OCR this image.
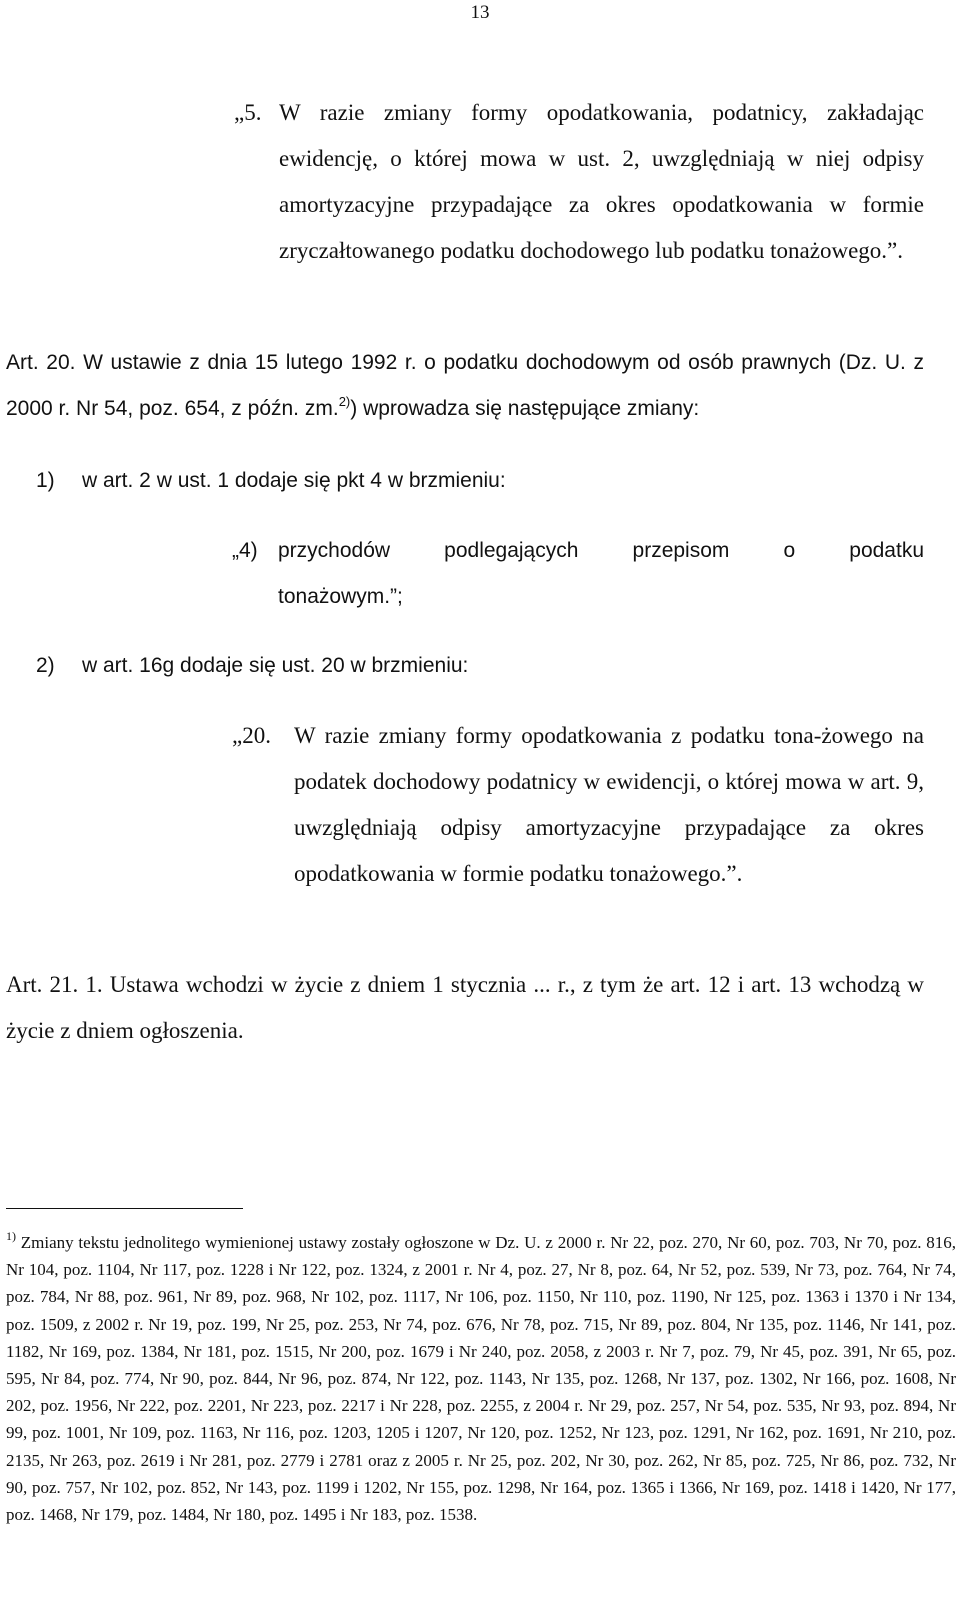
13
„5. W razie zmiany formy opodatkowania, podatnicy, zakładając ewidencję, o której mowa w ust. 2, uwzględniają w niej odpisy amortyzacyjne przypadające za okres opodatkowania w formie zryczałtowanego podatku dochodowego lub podatku tonażowego.”.
Art. 20. W ustawie z dnia 15 lutego 1992 r. o podatku dochodowym od osób prawnych (Dz. U. z 2000 r. Nr 54, poz. 654, z późn. zm.$^{2)}$) wprowadza się następujące zmiany:
1) w art. 2 w ust. 1 dodaje się pkt 4 w brzmieniu:
„4) przychodów podlegających przepisom o podatku
tonażowym.”;
2) w art. 16g dodaje się ust. 20 w brzmieniu:
„20. W razie zmiany formy opodatkowania z podatku tona-żowego na podatek dochodowy podatnicy w ewidencji, o której mowa w art. 9, uwzględniają odpisy amortyzacyjne przypadające za okres opodatkowania w formie podatku tonażowego.”.
Art. 21. 1. Ustawa wchodzi w życie z dniem 1 stycznia ... r., z tym że art. 12 i art. 13 wchodzą w życie z dniem ogłoszenia.
$^{1)}$ Zmiany tekstu jednolitego wymienionej ustawy zostały ogłoszone w Dz. U. z 2000 r. Nr 22, poz. 270, Nr 60, poz. 703, Nr 70, poz. 816, Nr 104, poz. 1104, Nr 117, poz. 1228 i Nr 122, poz. 1324, z 2001 r. Nr 4, poz. 27, Nr 8, poz. 64, Nr 52, poz. 539, Nr 73, poz. 764, Nr 74, poz. 784, Nr 88, poz. 961, Nr 89, poz. 968, Nr 102, poz. 1117, Nr 106, poz. 1150, Nr 110, poz. 1190, Nr 125, poz. 1363 i 1370 i Nr 134, poz. 1509, z 2002 r. Nr 19, poz. 199, Nr 25, poz. 253, Nr 74, poz. 676, Nr 78, poz. 715, Nr 89, poz. 804, Nr 135, poz. 1146, Nr 141, poz. 1182, Nr 169, poz. 1384, Nr 181, poz. 1515, Nr 200, poz. 1679 i Nr 240, poz. 2058, z 2003 r. Nr 7, poz. 79, Nr 45, poz. 391, Nr 65, poz. 595, Nr 84, poz. 774, Nr 90, poz. 844, Nr 96, poz. 874, Nr 122, poz. 1143, Nr 135, poz. 1268, Nr 137, poz. 1302, Nr 166, poz. 1608, Nr 202, poz. 1956, Nr 222, poz. 2201, Nr 223, poz. 2217 i Nr 228, poz. 2255, z 2004 r. Nr 29, poz. 257, Nr 54, poz. 535, Nr 93, poz. 894, Nr 99, poz. 1001, Nr 109, poz. 1163, Nr 116, poz. 1203, 1205 i 1207, Nr 120, poz. 1252, Nr 123, poz. 1291, Nr 162, poz. 1691, Nr 210, poz. 2135, Nr 263, poz. 2619 i Nr 281, poz. 2779 i 2781 oraz z 2005 r. Nr 25, poz. 202, Nr 30, poz. 262, Nr 85, poz. 725, Nr 86, poz. 732, Nr 90, poz. 757, Nr 102, poz. 852, Nr 143, poz. 1199 i 1202, Nr 155, poz. 1298, Nr 164, poz. 1365 i 1366, Nr 169, poz. 1418 i 1420, Nr 177, poz. 1468, Nr 179, poz. 1484, Nr 180, poz. 1495 i Nr 183, poz. 1538.
